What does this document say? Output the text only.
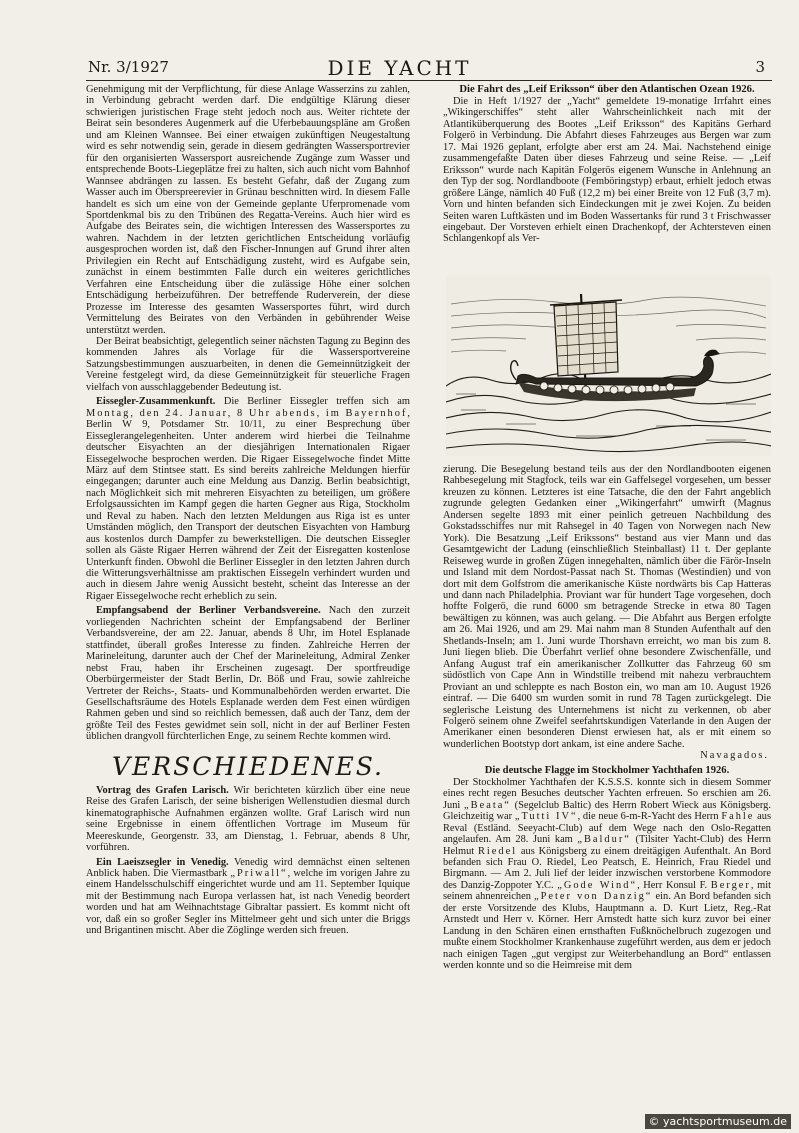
Nr. 3/1927	DIE YACHT	3

Genehmigung mit der Verpflichtung, für diese Anlage Wasserzins zu zahlen, in Verbindung gebracht werden darf. Die endgültige Klärung dieser schwierigen juristischen Frage steht jedoch noch aus. Weiter richtete der Beirat sein besonderes Augenmerk auf die Uferbebauungspläne am Großen und am Kleinen Wannsee. Bei einer etwaigen zukünftigen Neugestaltung wird es sehr notwendig sein, gerade in diesem gedrängten Wassersportrevier für den organisierten Wassersport ausreichende Zugänge zum Wasser und entsprechende Boots-Liegeplätze frei zu halten, sich auch nicht vom Bahnhof Wannsee abdrängen zu lassen. Es besteht Gefahr, daß der Zugang zum Wasser auch im Oberspreerevier in Grünau beschnitten wird. In diesem Falle handelt es sich um eine von der Gemeinde geplante Uferpromenade vom Sportdenkmal bis zu den Tribünen des Regatta-Vereins. Auch hier wird es Aufgabe des Beirates sein, die wichtigen Interessen des Wassersportes zu wahren. Nachdem in der letzten gerichtlichen Entscheidung vorläufig ausgesprochen worden ist, daß den Fischer-Innungen auf Grund ihrer alten Privilegien ein Recht auf Entschädigung zusteht, wird es Aufgabe sein, zunächst in einem bestimmten Falle durch ein weiteres gerichtliches Verfahren eine Entscheidung über die zulässige Höhe einer solchen Entschädigung herbeizuführen. Der betreffende Ruderverein, der diese Prozesse im Interesse des gesamten Wassersportes führt, wird durch Vermittelung des Beirates von den Verbänden in gebührender Weise unterstützt werden.

Der Beirat beabsichtigt, gelegentlich seiner nächsten Tagung zu Beginn des kommenden Jahres als Vorlage für die Wassersportvereine Satzungsbestimmungen auszuarbeiten, in denen die Gemeinnützigkeit der Vereine festgelegt wird, da diese Gemeinnützigkeit für steuerliche Fragen vielfach von ausschlaggebender Bedeutung ist.

Eissegler-Zusammenkunft. Die Berliner Eissegler treffen sich am Montag, den 24. Januar, 8 Uhr abends, im Bayernhof, Berlin W 9, Potsdamer Str. 10/11, zu einer Besprechung über Eisseglerangelegenheiten. Unter anderem wird hierbei die Teilnahme deutscher Eisyachten an der diesjährigen Internationalen Rigaer Eissegelwoche besprochen werden. Die Rigaer Eissegelwoche findet Mitte März auf dem Stintsee statt. Es sind bereits zahlreiche Meldungen hierfür eingegangen; darunter auch eine Meldung aus Danzig. Berlin beabsichtigt, nach Möglichkeit sich mit mehreren Eisyachten zu beteiligen, um größere Erfolgsaussichten im Kampf gegen die harten Gegner aus Riga, Stockholm und Reval zu haben. Nach den letzten Meldungen aus Riga ist es unter Umständen möglich, den Transport der deutschen Eisyachten von Hamburg aus kostenlos durch Dampfer zu bewerkstelligen. Die deutschen Eissegler sollen als Gäste Rigaer Herren während der Zeit der Eisregatten kostenlose Unterkunft finden. Obwohl die Berliner Eissegler in den letzten Jahren durch die Witterungsverhältnisse am praktischen Eissegeln verhindert wurden und auch in diesem Jahre wenig Aussicht besteht, scheint das Interesse an der Rigaer Eissegelwoche recht erheblich zu sein.

Empfangsabend der Berliner Verbandsvereine. Nach den zurzeit vorliegenden Nachrichten scheint der Empfangsabend der Berliner Verbandsvereine, der am 22. Januar, abends 8 Uhr, im Hotel Esplanade stattfindet, überall großes Interesse zu finden. Zahlreiche Herren der Marineleitung, darunter auch der Chef der Marineleitung, Admiral Zenker nebst Frau, haben ihr Erscheinen zugesagt. Der sportfreudige Oberbürgermeister der Stadt Berlin, Dr. Böß und Frau, sowie zahlreiche Vertreter der Reichs-, Staats- und Kommunalbehörden werden erwartet. Die Gesellschaftsräume des Hotels Esplanade werden dem Fest einen würdigen Rahmen geben und sind so reichlich bemessen, daß auch der Tanz, dem der größte Teil des Festes gewidmet sein soll, nicht in der auf Berliner Festen üblichen drangvoll fürchterlichen Enge, zu seinem Rechte kommen wird.

VERSCHIEDENES.

Vortrag des Grafen Larisch. Wir berichteten kürzlich über eine neue Reise des Grafen Larisch, der seine bisherigen Wellenstudien diesmal durch kinematographische Aufnahmen ergänzen wollte. Graf Larisch wird nun seine Ergebnisse in einem öffentlichen Vortrage im Museum für Meereskunde, Georgenstr. 33, am Dienstag, 1. Februar, abends 8 Uhr, vorführen.

Ein Laeiszsegler in Venedig. Venedig wird demnächst einen seltenen Anblick haben. Die Viermastbark „Priwall“, welche im vorigen Jahre zu einem Handelsschulschiff eingerichtet wurde und am 11. September Iquique mit der Bestimmung nach Europa verlassen hat, ist nach Venedig beordert worden und hat am Weihnachtstage Gibraltar passiert. Es kommt nicht oft vor, daß ein so großer Segler ins Mittelmeer geht und sich unter die Briggs und Brigantinen mischt. Aber die Zöglinge werden sich freuen.

Die Fahrt des „Leif Eriksson“ über den Atlantischen Ozean 1926.

Die in Heft 1/1927 der „Yacht“ gemeldete 19-monatige Irrfahrt eines „Wikingerschiffes“ steht aller Wahrscheinlichkeit nach mit der Atlantiküberquerung des Bootes „Leif Eriksson“ des Kapitäns Gerhard Folgerö in Verbindung. Die Abfahrt dieses Fahrzeuges aus Bergen war zum 17. Mai 1926 geplant, erfolgte aber erst am 24. Mai. Nachstehend einige zusammengefaßte Daten über dieses Fahrzeug und seine Reise. — „Leif Eriksson“ wurde nach Kapitän Folgerös eigenem Wunsche in Anlehnung an den Typ der sog. Nordlandboote (Femböringstyp) erbaut, erhielt jedoch etwas größere Länge, nämlich 40 Fuß (12,2 m) bei einer Breite von 12 Fuß (3,7 m). Vorn und hinten befanden sich Eindeckungen mit je zwei Kojen. Zu beiden Seiten waren Luftkästen und im Boden Wassertanks für rund 3 t Frischwasser eingebaut. Der Vorsteven erhielt einen Drachenkopf, der Achtersteven einen Schlangenkopf als Ver-

zierung. Die Besegelung bestand teils aus der den Nordlandbooten eigenen Rahbesegelung mit Stagfock, teils war ein Gaffelsegel vorgesehen, um besser kreuzen zu können. Letzteres ist eine Tatsache, die den der Fahrt angeblich zugrunde gelegten Gedanken einer „Wikingerfahrt“ umwirft (Magnus Andersen segelte 1893 mit einer peinlich getreuen Nachbildung des Gokstadsschiffes nur mit Rahsegel in 40 Tagen von Norwegen nach New York). Die Besatzung „Leif Erikssons“ bestand aus vier Mann und das Gesamtgewicht der Ladung (einschließlich Steinballast) 11 t. Der geplante Reiseweg wurde in großen Zügen innegehalten, nämlich über die Färör-Inseln und Island mit dem Nordost-Passat nach St. Thomas (Westindien) und von dort mit dem Golfstrom die amerikanische Küste nordwärts bis Cap Hatteras und dann nach Philadelphia. Proviant war für hundert Tage vorgesehen, doch hoffte Folgerö, die rund 6000 sm betragende Strecke in etwa 80 Tagen bewältigen zu können, was auch gelang. — Die Abfahrt aus Bergen erfolgte am 26. Mai 1926, und am 29. Mai nahm man 8 Stunden Aufenthalt auf den Shetlands-Inseln; am 1. Juni wurde Thorshavn erreicht, wo man bis zum 8. Juni liegen blieb. Die Überfahrt verlief ohne besondere Zwischenfälle, und Anfang August traf ein amerikanischer Zollkutter das Fahrzeug 60 sm südöstlich von Cape Ann in Windstille treibend mit nahezu verbrauchtem Proviant an und schleppte es nach Boston ein, wo man am 10. August 1926 eintraf. — Die 6400 sm wurden somit in rund 78 Tagen zurückgelegt. Die seglerische Leistung des Unternehmens ist nicht zu verkennen, ob aber Folgerö seinem ohne Zweifel seefahrtskundigen Vaterlande in den Augen der Amerikaner einen besonderen Dienst erwiesen hat, als er mit einem so wunderlichen Bootstyp dort ankam, ist eine andere Sache.

Navagados.
Die deutsche Flagge im Stockholmer Yachthafen 1926.

Der Stockholmer Yachthafen der K.S.S.S. konnte sich in diesem Sommer eines recht regen Besuches deutscher Yachten erfreuen. So erschien am 26. Juni „Beata“ (Segelclub Baltic) des Herrn Robert Wieck aus Königsberg. Gleichzeitig war „Tutti IV“, die neue 6-m-R-Yacht des Herrn Fahle aus Reval (Estländ. Seeyacht-Club) auf dem Wege nach den Oslo-Regatten angelaufen. Am 28. Juni kam „Baldur“ (Tilsiter Yacht-Club) des Herrn Helmut Riedel aus Königsberg zu einem dreitägigen Aufenthalt. An Bord befanden sich Frau O. Riedel, Leo Peatsch, E. Heinrich, Frau Riedel und Birgmann. — Am 2. Juli lief der leider inzwischen verstorbene Kommodore des Danzig-Zoppoter Y.C. „Gode Wind“, Herr Konsul F. Berger, mit seinem ahnenreichen „Peter von Danzig“ ein. An Bord befanden sich der erste Vorsitzende des Klubs, Hauptmann a. D. Kurt Lietz, Reg.-Rat Arnstedt und Herr v. Körner. Herr Arnstedt hatte sich kurz zuvor bei einer Landung in den Schären einen ernsthaften Fußknöchelbruch zugezogen und mußte einem Stockholmer Krankenhause zugeführt werden, aus dem er jedoch nach einigen Tagen „gut vergipst zur Weiterbehandlung an Bord“ entlassen werden konnte und so die Heimreise mit dem

© yachtsportmuseum.de
